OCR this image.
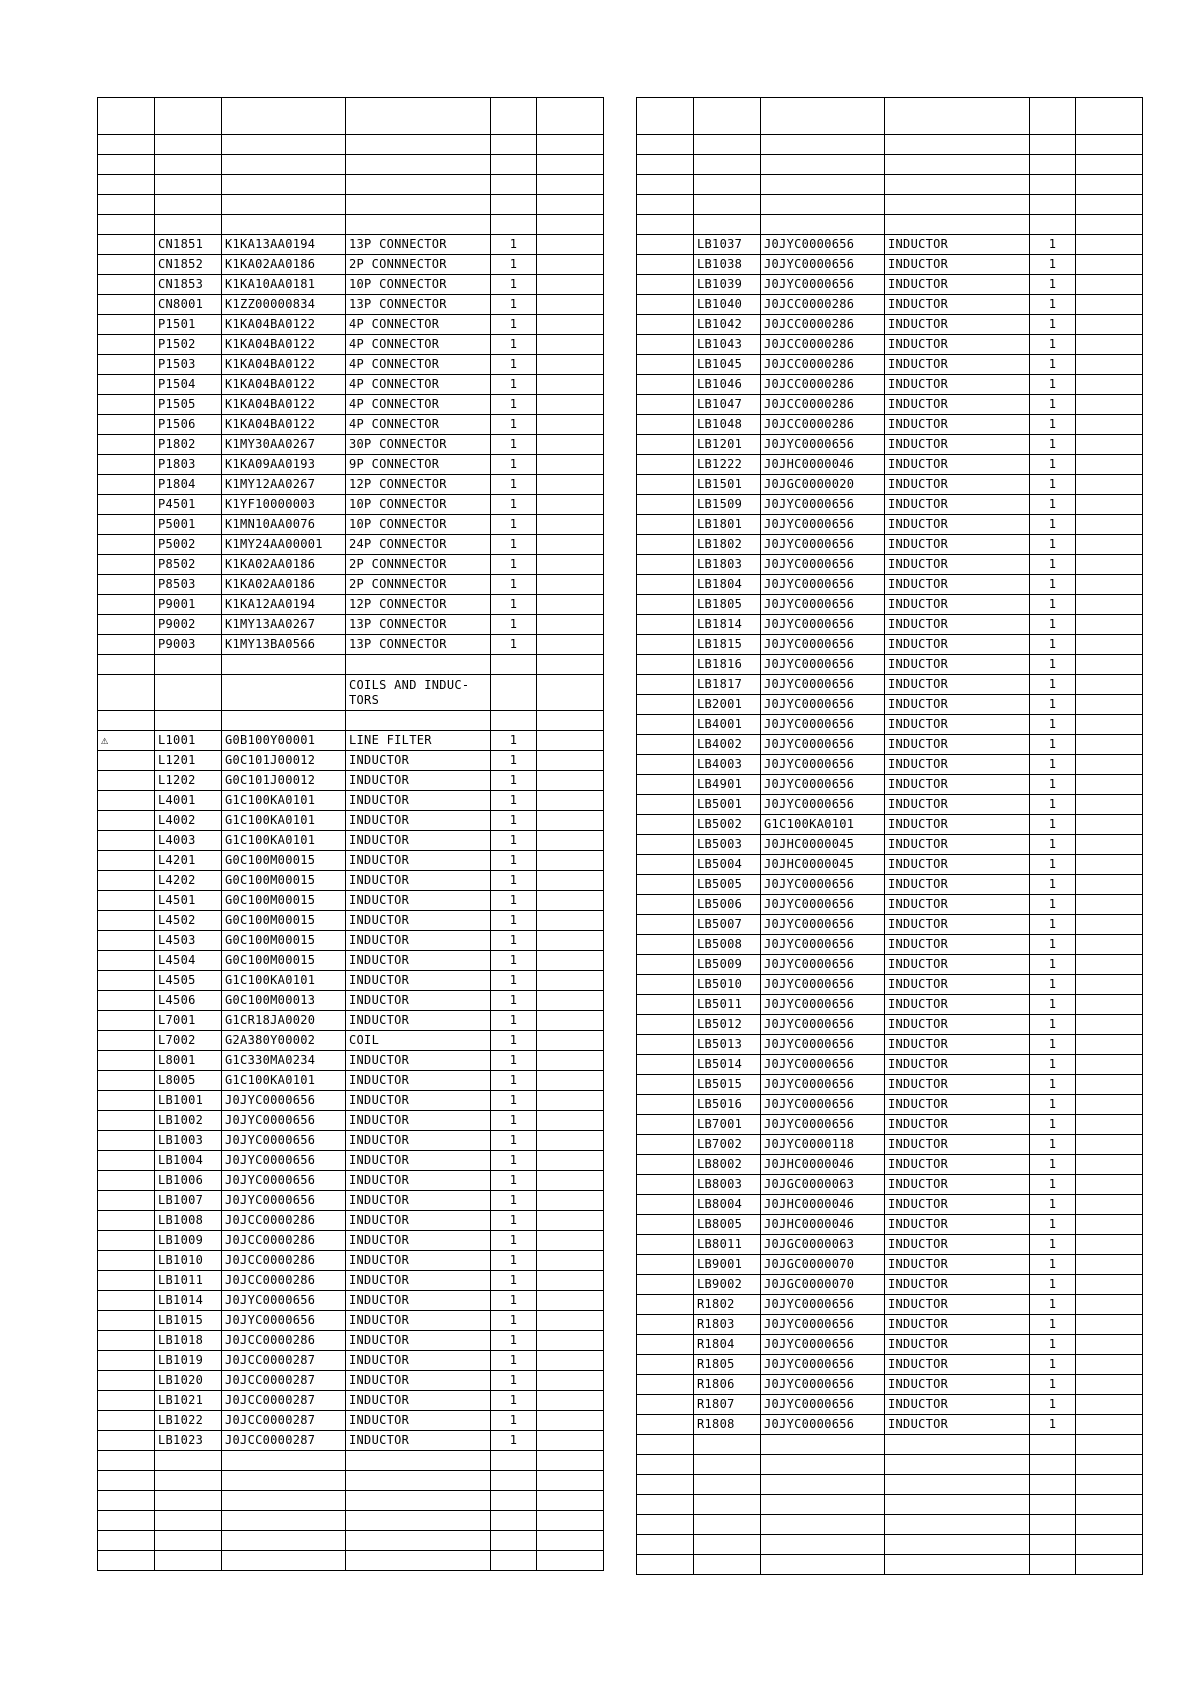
	CN1851	K1KA13AA0194	13P CONNECTOR	1	
	CN1852	K1KA02AA0186	2P CONNNECTOR	1	
	CN1853	K1KA10AA0181	10P CONNECTOR	1	
	CN8001	K1ZZ00000834	13P CONNECTOR	1	
	P1501	K1KA04BA0122	4P CONNECTOR	1	
	P1502	K1KA04BA0122	4P CONNECTOR	1	
	P1503	K1KA04BA0122	4P CONNECTOR	1	
	P1504	K1KA04BA0122	4P CONNECTOR	1	
	P1505	K1KA04BA0122	4P CONNECTOR	1	
	P1506	K1KA04BA0122	4P CONNECTOR	1	
	P1802	K1MY30AA0267	30P CONNECTOR	1	
	P1803	K1KA09AA0193	9P CONNECTOR	1	
	P1804	K1MY12AA0267	12P CONNECTOR	1	
	P4501	K1YF10000003	10P CONNECTOR	1	
	P5001	K1MN10AA0076	10P CONNECTOR	1	
	P5002	K1MY24AA00001	24P CONNECTOR	1	
	P8502	K1KA02AA0186	2P CONNNECTOR	1	
	P8503	K1KA02AA0186	2P CONNNECTOR	1	
	P9001	K1KA12AA0194	12P CONNECTOR	1	
	P9002	K1MY13AA0267	13P CONNECTOR	1	
	P9003	K1MY13BA0566	13P CONNECTOR	1	

			COILS AND INDUC-TORS		

⚠	L1001	G0B100Y00001	LINE FILTER	1	
	L1201	G0C101J00012	INDUCTOR	1	
	L1202	G0C101J00012	INDUCTOR	1	
	L4001	G1C100KA0101	INDUCTOR	1	
	L4002	G1C100KA0101	INDUCTOR	1	
	L4003	G1C100KA0101	INDUCTOR	1	
	L4201	G0C100M00015	INDUCTOR	1	
	L4202	G0C100M00015	INDUCTOR	1	
	L4501	G0C100M00015	INDUCTOR	1	
	L4502	G0C100M00015	INDUCTOR	1	
	L4503	G0C100M00015	INDUCTOR	1	
	L4504	G0C100M00015	INDUCTOR	1	
	L4505	G1C100KA0101	INDUCTOR	1	
	L4506	G0C100M00013	INDUCTOR	1	
	L7001	G1CR18JA0020	INDUCTOR	1	
	L7002	G2A380Y00002	COIL	1	
	L8001	G1C330MA0234	INDUCTOR	1	
	L8005	G1C100KA0101	INDUCTOR	1	
	LB1001	J0JYC0000656	INDUCTOR	1	
	LB1002	J0JYC0000656	INDUCTOR	1	
	LB1003	J0JYC0000656	INDUCTOR	1	
	LB1004	J0JYC0000656	INDUCTOR	1	
	LB1006	J0JYC0000656	INDUCTOR	1	
	LB1007	J0JYC0000656	INDUCTOR	1	
	LB1008	J0JCC0000286	INDUCTOR	1	
	LB1009	J0JCC0000286	INDUCTOR	1	
	LB1010	J0JCC0000286	INDUCTOR	1	
	LB1011	J0JCC0000286	INDUCTOR	1	
	LB1014	J0JYC0000656	INDUCTOR	1	
	LB1015	J0JYC0000656	INDUCTOR	1	
	LB1018	J0JCC0000286	INDUCTOR	1	
	LB1019	J0JCC0000287	INDUCTOR	1	
	LB1020	J0JCC0000287	INDUCTOR	1	
	LB1021	J0JCC0000287	INDUCTOR	1	
	LB1022	J0JCC0000287	INDUCTOR	1	
	LB1023	J0JCC0000287	INDUCTOR	1	

	LB1037	J0JYC0000656	INDUCTOR	1	
	LB1038	J0JYC0000656	INDUCTOR	1	
	LB1039	J0JYC0000656	INDUCTOR	1	
	LB1040	J0JCC0000286	INDUCTOR	1	
	LB1042	J0JCC0000286	INDUCTOR	1	
	LB1043	J0JCC0000286	INDUCTOR	1	
	LB1045	J0JCC0000286	INDUCTOR	1	
	LB1046	J0JCC0000286	INDUCTOR	1	
	LB1047	J0JCC0000286	INDUCTOR	1	
	LB1048	J0JCC0000286	INDUCTOR	1	
	LB1201	J0JYC0000656	INDUCTOR	1	
	LB1222	J0JHC0000046	INDUCTOR	1	
	LB1501	J0JGC0000020	INDUCTOR	1	
	LB1509	J0JYC0000656	INDUCTOR	1	
	LB1801	J0JYC0000656	INDUCTOR	1	
	LB1802	J0JYC0000656	INDUCTOR	1	
	LB1803	J0JYC0000656	INDUCTOR	1	
	LB1804	J0JYC0000656	INDUCTOR	1	
	LB1805	J0JYC0000656	INDUCTOR	1	
	LB1814	J0JYC0000656	INDUCTOR	1	
	LB1815	J0JYC0000656	INDUCTOR	1	
	LB1816	J0JYC0000656	INDUCTOR	1	
	LB1817	J0JYC0000656	INDUCTOR	1	
	LB2001	J0JYC0000656	INDUCTOR	1	
	LB4001	J0JYC0000656	INDUCTOR	1	
	LB4002	J0JYC0000656	INDUCTOR	1	
	LB4003	J0JYC0000656	INDUCTOR	1	
	LB4901	J0JYC0000656	INDUCTOR	1	
	LB5001	J0JYC0000656	INDUCTOR	1	
	LB5002	G1C100KA0101	INDUCTOR	1	
	LB5003	J0JHC0000045	INDUCTOR	1	
	LB5004	J0JHC0000045	INDUCTOR	1	
	LB5005	J0JYC0000656	INDUCTOR	1	
	LB5006	J0JYC0000656	INDUCTOR	1	
	LB5007	J0JYC0000656	INDUCTOR	1	
	LB5008	J0JYC0000656	INDUCTOR	1	
	LB5009	J0JYC0000656	INDUCTOR	1	
	LB5010	J0JYC0000656	INDUCTOR	1	
	LB5011	J0JYC0000656	INDUCTOR	1	
	LB5012	J0JYC0000656	INDUCTOR	1	
	LB5013	J0JYC0000656	INDUCTOR	1	
	LB5014	J0JYC0000656	INDUCTOR	1	
	LB5015	J0JYC0000656	INDUCTOR	1	
	LB5016	J0JYC0000656	INDUCTOR	1	
	LB7001	J0JYC0000656	INDUCTOR	1	
	LB7002	J0JYC0000118	INDUCTOR	1	
	LB8002	J0JHC0000046	INDUCTOR	1	
	LB8003	J0JGC0000063	INDUCTOR	1	
	LB8004	J0JHC0000046	INDUCTOR	1	
	LB8005	J0JHC0000046	INDUCTOR	1	
	LB8011	J0JGC0000063	INDUCTOR	1	
	LB9001	J0JGC0000070	INDUCTOR	1	
	LB9002	J0JGC0000070	INDUCTOR	1	
	R1802	J0JYC0000656	INDUCTOR	1	
	R1803	J0JYC0000656	INDUCTOR	1	
	R1804	J0JYC0000656	INDUCTOR	1	
	R1805	J0JYC0000656	INDUCTOR	1	
	R1806	J0JYC0000656	INDUCTOR	1	
	R1807	J0JYC0000656	INDUCTOR	1	
	R1808	J0JYC0000656	INDUCTOR	1	
